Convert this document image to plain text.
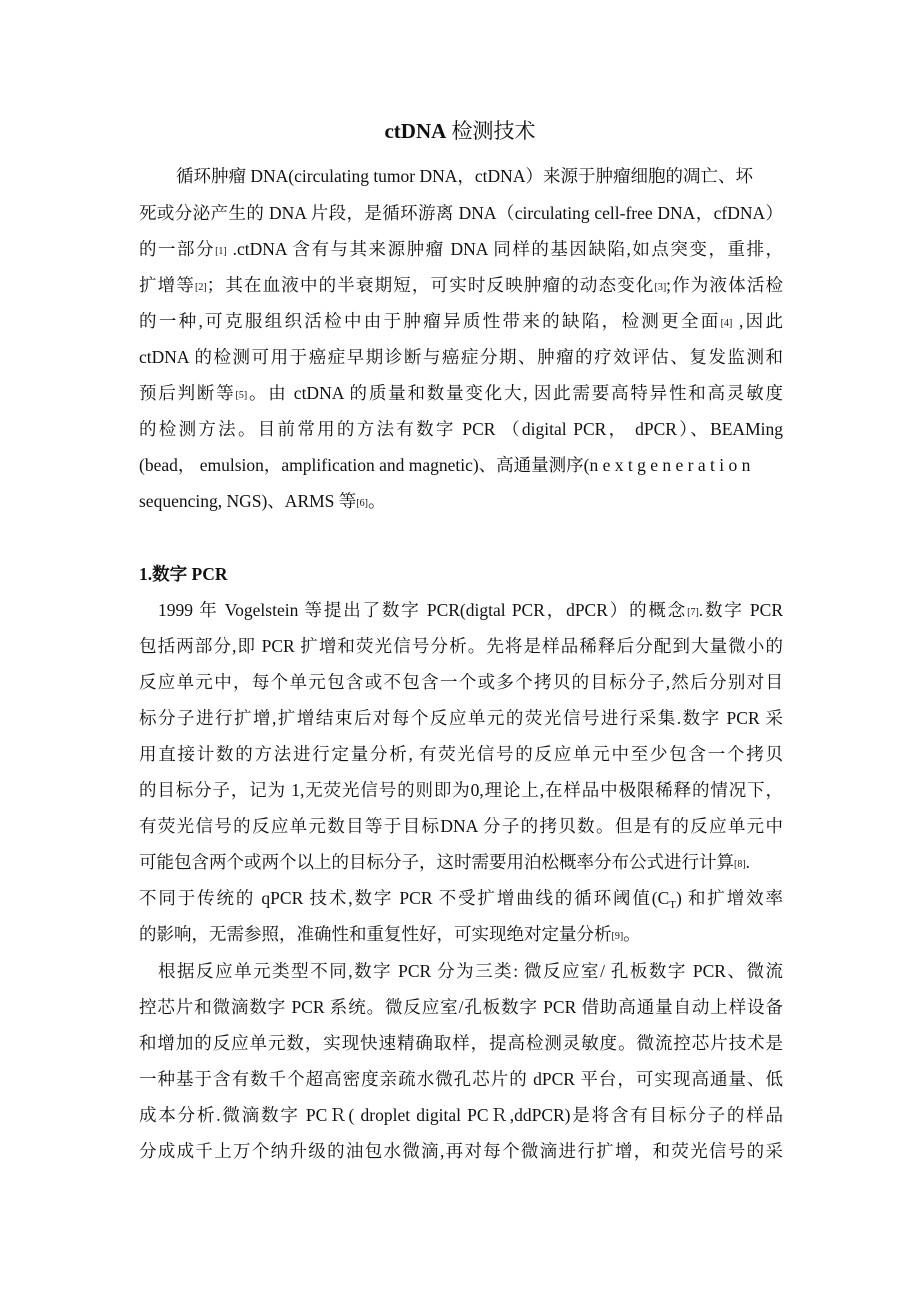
ctDNA 检测技术
循环肿瘤 DNA(circulating tumor DNA，ctDNA）来源于肿瘤细胞的凋亡、坏
死或分泌产生的 DNA 片段，是循环游离 DNA（circulating cell-free DNA，cfDNA）
的一部分[1] .ctDNA 含有与其来源肿瘤 DNA 同样的基因缺陷,如点突变，重排，
扩增等[2]；其在血液中的半衰期短，可实时反映肿瘤的动态变化[3];作为液体活检
的一种,可克服组织活检中由于肿瘤异质性带来的缺陷，检测更全面[4] ,因此
ctDNA 的检测可用于癌症早期诊断与癌症分期、肿瘤的疗效评估、复发监测和
预后判断等[5]。由 ctDNA 的质量和数量变化大, 因此需要高特异性和高灵敏度
的检测方法。目前常用的方法有数字 PCR （digital PCR， dPCR）、BEAMing
(bead， emulsion，amplification and magnetic)、高通量测序(n e x t g e n e r a t i o n
sequencing, NGS)、ARMS 等[6]。
1.数字 PCR
1999 年 Vogelstein 等提出了数字 PCR(digtal PCR，dPCR）的概念[7].数字 PCR
包括两部分,即 PCR 扩增和荧光信号分析。先将是样品稀释后分配到大量微小的
反应单元中，每个单元包含或不包含一个或多个拷贝的目标分子,然后分别对目
标分子进行扩增,扩增结束后对每个反应单元的荧光信号进行采集.数字 PCR 采
用直接计数的方法进行定量分析, 有荧光信号的反应单元中至少包含一个拷贝
的目标分子，记为 1,无荧光信号的则即为0,理论上,在样品中极限稀释的情况下，
有荧光信号的反应单元数目等于目标DNA 分子的拷贝数。但是有的反应单元中
可能包含两个或两个以上的目标分子，这时需要用泊松概率分布公式进行计算[8].
不同于传统的 qPCR 技术,数字 PCR 不受扩增曲线的循环阈值$(C_T)$ 和扩增效率
的影响，无需参照，准确性和重复性好，可实现绝对定量分析[9]。
根据反应单元类型不同,数字 PCR 分为三类: 微反应室/ 孔板数字 PCR、微流
控芯片和微滴数字 PCR 系统。微反应室/孔板数字 PCR 借助高通量自动上样设备
和增加的反应单元数，实现快速精确取样，提高检测灵敏度。微流控芯片技术是
一种基于含有数千个超高密度亲疏水微孔芯片的 dPCR 平台，可实现高通量、低
成本分析.微滴数字 PCＲ( droplet digital PCＲ,ddPCR)是将含有目标分子的样品
分成成千上万个纳升级的油包水微滴,再对每个微滴进行扩增，和荧光信号的采
